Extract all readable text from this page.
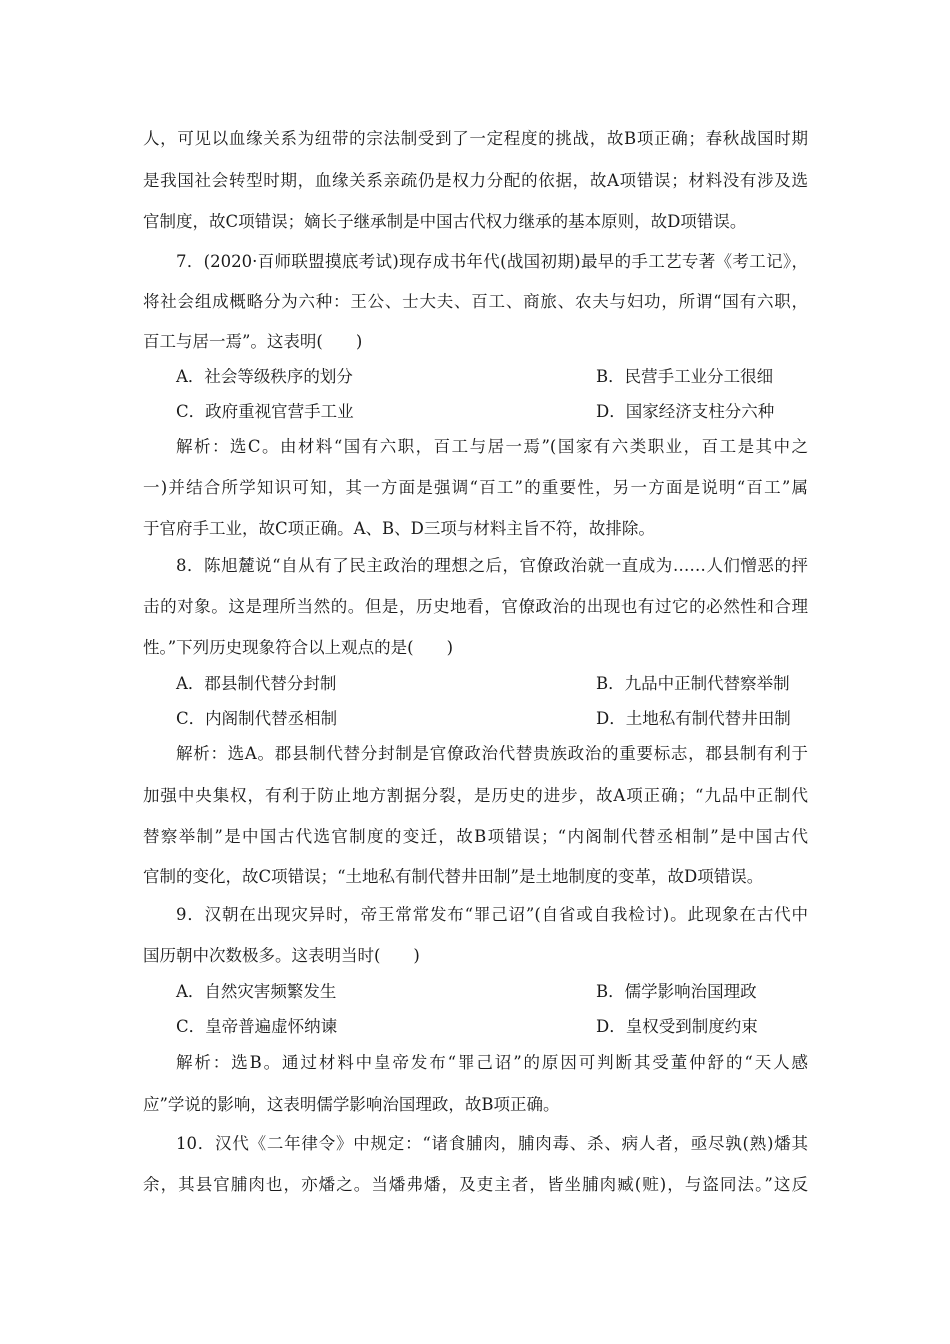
人，可见以血缘关系为纽带的宗法制受到了一定程度的挑战，故B项正确；春秋战国时期
是我国社会转型时期，血缘关系亲疏仍是权力分配的依据，故A项错误；材料没有涉及选
官制度，故C项错误；嫡长子继承制是中国古代权力继承的基本原则，故D项错误。
7．(2020·百师联盟摸底考试)现存成书年代(战国初期)最早的手工艺专著《考工记》，
将社会组成概略分为六种：王公、士大夫、百工、商旅、农夫与妇功，所谓“国有六职，
百工与居一焉”。这表明(　　)
A．社会等级秩序的划分	B．民营手工业分工很细
C．政府重视官营手工业	D．国家经济支柱分六种
解析：选C。由材料“国有六职，百工与居一焉”(国家有六类职业，百工是其中之
一)并结合所学知识可知，其一方面是强调“百工”的重要性，另一方面是说明“百工”属
于官府手工业，故C项正确。A、B、D三项与材料主旨不符，故排除。
8．陈旭麓说“自从有了民主政治的理想之后，官僚政治就一直成为……人们憎恶的抨
击的对象。这是理所当然的。但是，历史地看，官僚政治的出现也有过它的必然性和合理
性。”下列历史现象符合以上观点的是(　　)
A．郡县制代替分封制	B．九品中正制代替察举制
C．内阁制代替丞相制	D．土地私有制代替井田制
解析：选A。郡县制代替分封制是官僚政治代替贵族政治的重要标志，郡县制有利于
加强中央集权，有利于防止地方割据分裂，是历史的进步，故A项正确；“九品中正制代
替察举制”是中国古代选官制度的变迁，故B项错误；“内阁制代替丞相制”是中国古代
官制的变化，故C项错误；“土地私有制代替井田制”是土地制度的变革，故D项错误。
9．汉朝在出现灾异时，帝王常常发布“罪己诏”(自省或自我检讨)。此现象在古代中
国历朝中次数极多。这表明当时(　　)
A．自然灾害频繁发生	B．儒学影响治国理政
C．皇帝普遍虚怀纳谏	D．皇权受到制度约束
解析：选B。通过材料中皇帝发布“罪己诏”的原因可判断其受董仲舒的“天人感
应”学说的影响，这表明儒学影响治国理政，故B项正确。
10．汉代《二年律令》中规定：“诸食脯肉，脯肉毒、杀、病人者，亟尽孰(熟)燔其
余，其县官脯肉也，亦燔之。当燔弗燔，及吏主者，皆坐脯肉臧(赃)，与盗同法。”这反
